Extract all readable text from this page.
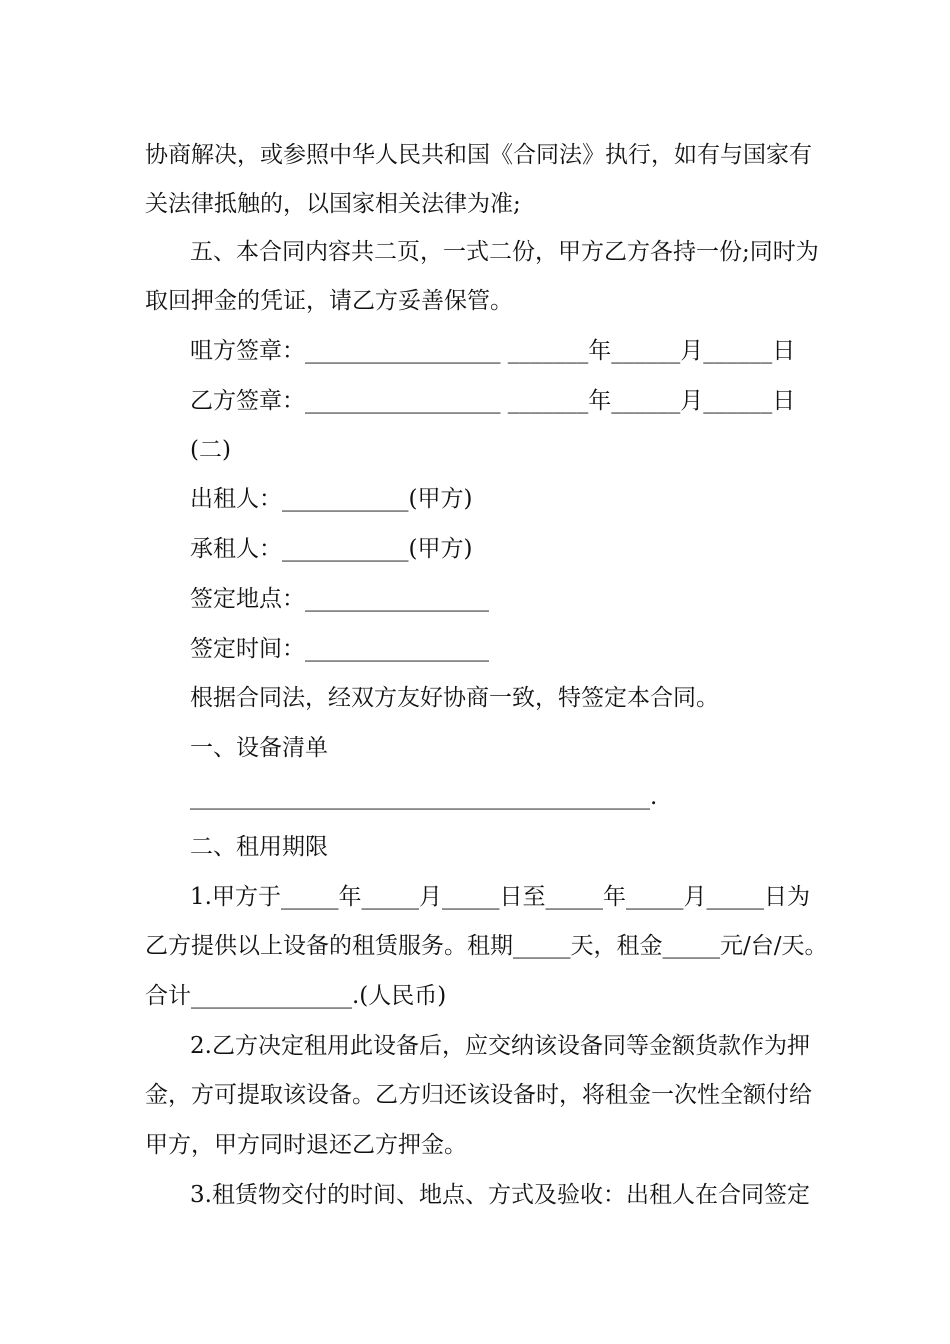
协商解决，或参照中华人民共和国《合同法》执行，如有与国家有
关法律抵触的，以国家相关法律为准;
五、本合同内容共二页，一式二份，甲方乙方各持一份;同时为
取回押金的凭证，请乙方妥善保管。
咀方签章：_________________ _______年______月______日
乙方签章：_________________ _______年______月______日
(二)
出租人：___________(甲方)
承租人：___________(甲方)
签定地点：________________
签定时间：________________
根据合同法，经双方友好协商一致，特签定本合同。
一、设备清单
________________________________________.
二、租用期限
1.甲方于_____年_____月_____日至_____年_____月_____日为
乙方提供以上设备的租赁服务。租期_____天，租金_____元/台/天。
合计______________.(人民币)
2.乙方决定租用此设备后，应交纳该设备同等金额货款作为押
金，方可提取该设备。乙方归还该设备时，将租金一次性全额付给
甲方，甲方同时退还乙方押金。
3.租赁物交付的时间、地点、方式及验收：出租人在合同签定
